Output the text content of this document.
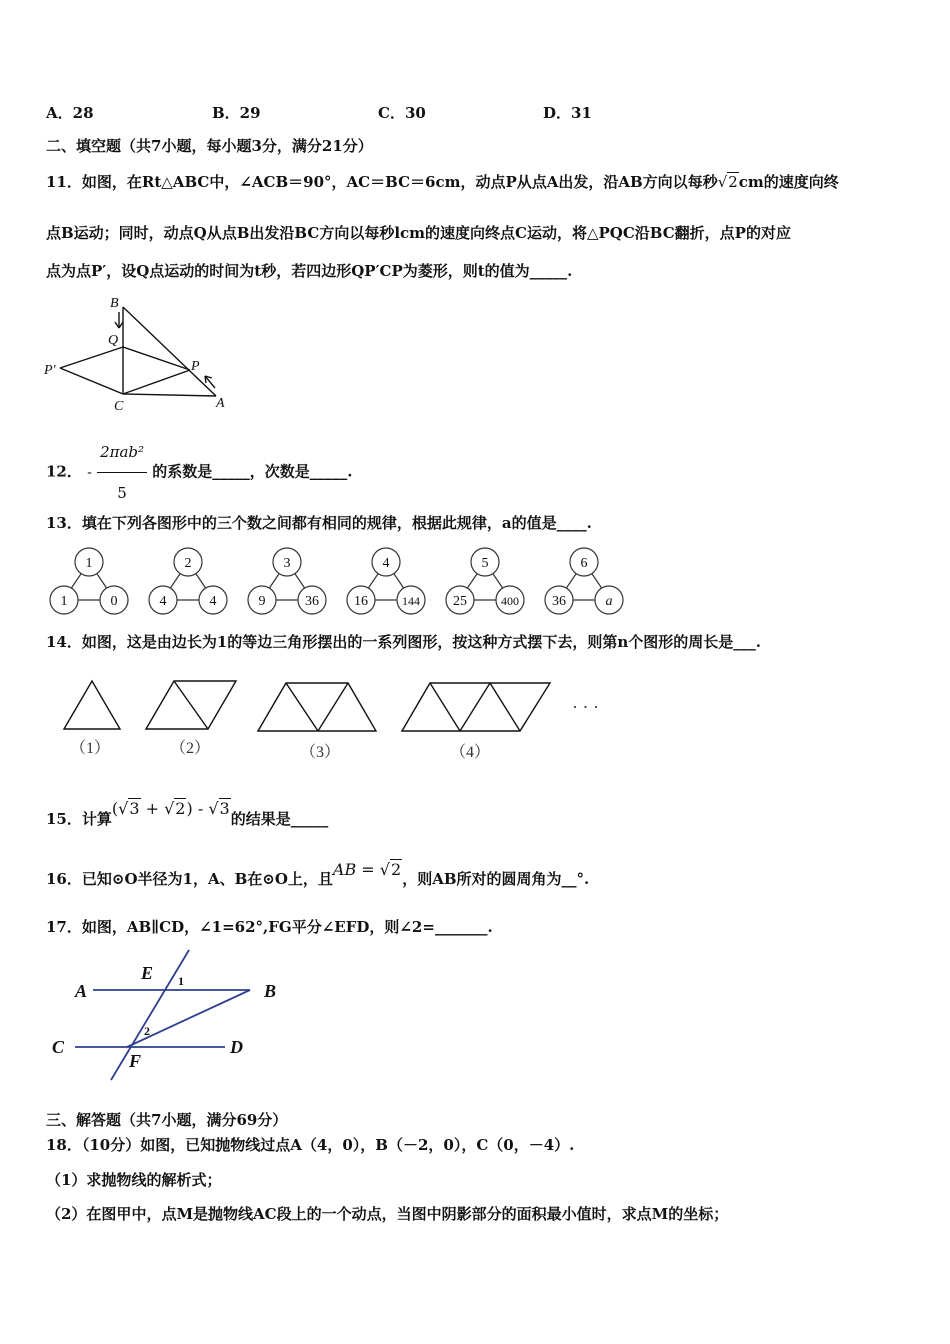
A．28	B．29	C．30	D．31
二、填空题（共7小题，每小题3分，满分21分）
11．如图，在Rt△ABC中，∠ACB＝90°，AC＝BC＝6cm，动点P从点A出发，沿AB方向以每秒√2cm的速度向终
点B运动；同时，动点Q从点B出发沿BC方向以每秒lcm的速度向终点C运动，将△PQC沿BC翻折，点P的对应
点为点P′，设Q点运动的时间为t秒，若四边形QP′CP为菱形，则t的值为_____.
B
Q
P′	P
C	A
12． - $\frac{\text{2πab²}}{5}$ 的系数是_____，次数是_____.
13．填在下列各图形中的三个数之间都有相同的规律，根据此规律，a的值是____.
1
1	0
2
4	4
3
9	36
4
16	144
5
25	400
6
36	a
14．如图，这是由边长为1的等边三角形摆出的一系列图形，按这种方式摆下去，则第n个图形的周长是___.
（1）	（2）	（3）	（4）
· · ·
15．计算(√3 + √2) - √3的结果是_____
16．已知⊙O半径为1，A、B在⊙O上，且AB = √2，则AB所对的圆周角为__°.
17．如图，AB∥CD，∠1=62°,FG平分∠EFD，则∠2=_______.
A	B
C	D
E
F
1
2
三、解答题（共7小题，满分69分）
18．（10分）如图，已知抛物线过点A（4，0），B（－2，0），C（0，－4）.
（1）求抛物线的解析式；
（2）在图甲中，点M是抛物线AC段上的一个动点，当图中阴影部分的面积最小值时，求点M的坐标；
